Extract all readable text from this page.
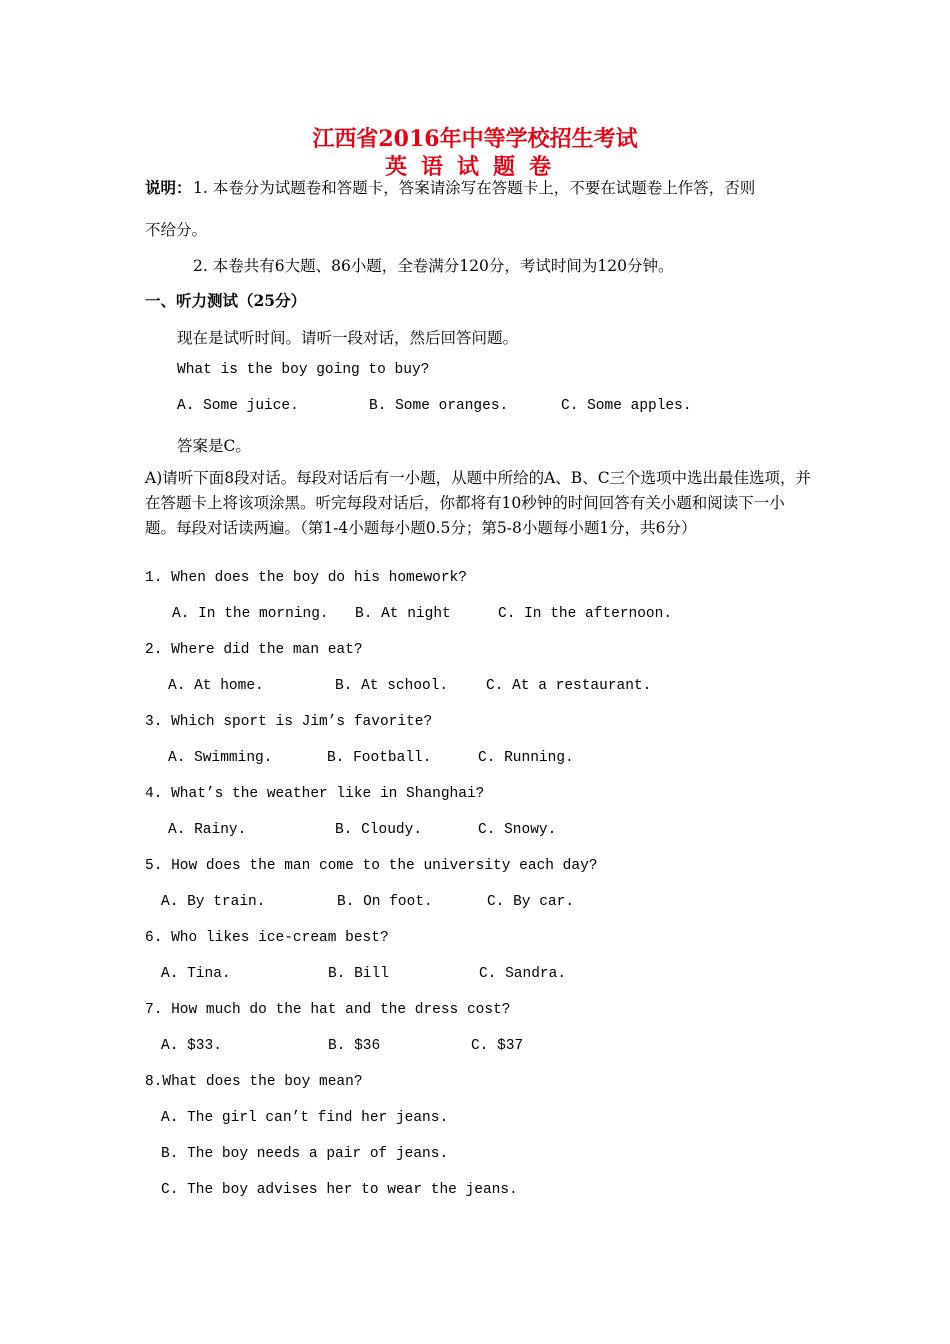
江西省2016年中等学校招生考试
英语试题卷
说明： 1. 本卷分为试题卷和答题卡，答案请涂写在答题卡上，不要在试题卷上作答，否则
不给分。
2. 本卷共有6大题、86小题，全卷满分120分，考试时间为120分钟。
一、听力测试（25分）
现在是试听时间。请听一段对话，然后回答问题。
What is the boy going to buy?
A. Some juice.	B. Some oranges.	C. Some apples.
答案是C。
A)请听下面8段对话。每段对话后有一小题，从题中所给的A、B、C三个选项中选出最佳选项，并在答题卡上将该项涂黑。听完每段对话后，你都将有10秒钟的时间回答有关小题和阅读下一小题。每段对话读两遍。（第1-4小题每小题0.5分；第5-8小题每小题1分，共6分）
1. When does the boy do his homework?
A. In the morning. B. At night	C. In the afternoon.
2. Where did the man eat?
A. At home.	B. At school.	C. At a restaurant.
3. Which sport is Jim’s favorite?
A. Swimming.	B. Football.	C. Running.
4. What’s the weather like in Shanghai?
A. Rainy.	B. Cloudy.	C. Snowy.
5. How does the man come to the university each day?
A. By train.	B. On foot.	C. By car.
6. Who likes ice-cream best?
A. Tina.	B. Bill	C. Sandra.
7. How much do the hat and the dress cost?
A. $33.	B. $36	C. $37
8.What does the boy mean?
A. The girl can’t find her jeans.
B. The boy needs a pair of jeans.
C. The boy advises her to wear the jeans.
